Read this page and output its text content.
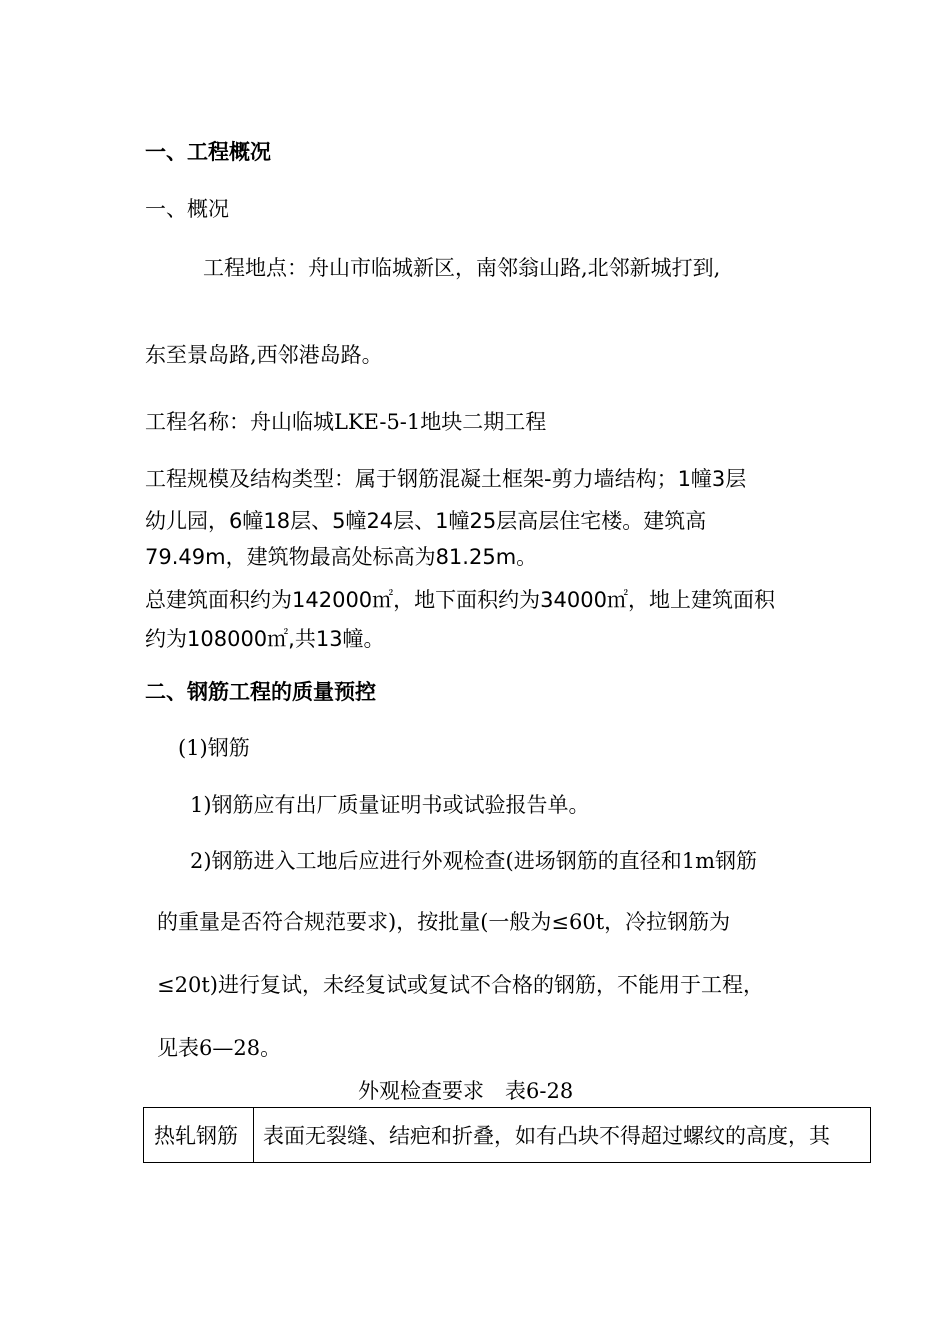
一、工程概况
一、概况
工程地点：舟山市临城新区，南邻翁山路,北邻新城打到,
东至景岛路,西邻港岛路。
工程名称：舟山临城LKE-5-1地块二期工程
工程规模及结构类型：属于钢筋混凝土框架-剪力墙结构；1幢3层
幼儿园，6幢18层、5幢24层、1幢25层高层住宅楼。建筑高
79.49m，建筑物最高处标高为81.25m。
总建筑面积约为142000㎡，地下面积约为34000㎡，地上建筑面积
约为108000㎡,共13幢。
二、钢筋工程的质量预控
(1)钢筋
1)钢筋应有出厂质量证明书或试验报告单。
2)钢筋进入工地后应进行外观检查(进场钢筋的直径和1m钢筋
的重量是否符合规范要求)，按批量(一般为≤60t，冷拉钢筋为
≤20t)进行复试，未经复试或复试不合格的钢筋，不能用于工程，
见表6—28。
外观检查要求　表6-28
热轧钢筋	表面无裂缝、结疤和折叠，如有凸块不得超过螺纹的高度，其
